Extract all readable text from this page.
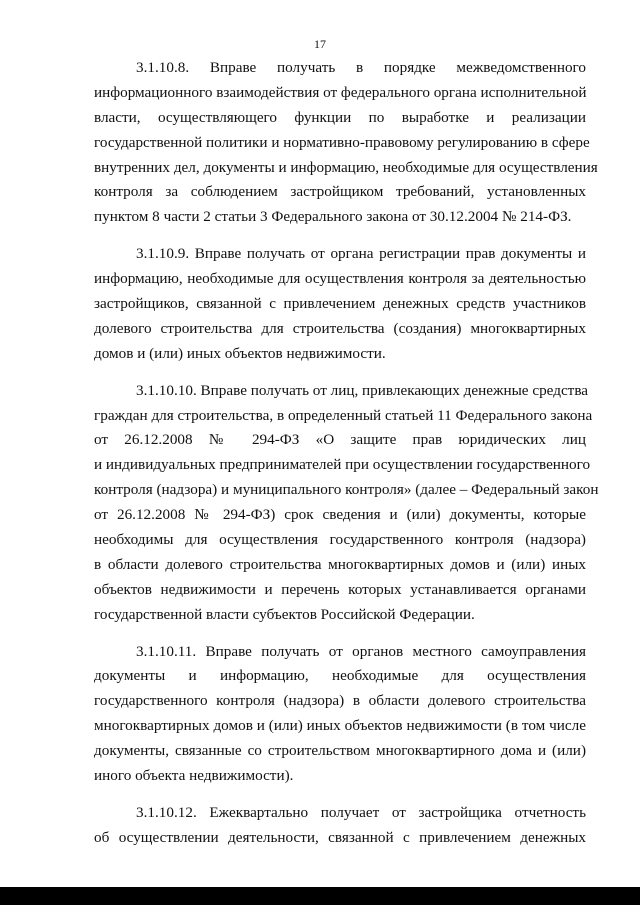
17
3.1.10.8. Вправе получать в порядке межведомственного
информационного взаимодействия от федерального органа исполнительной
власти, осуществляющего функции по выработке и реализации
государственной политики и нормативно-правовому регулированию в сфере
внутренних дел, документы и информацию, необходимые для осуществления
контроля за соблюдением застройщиком требований, установленных
пунктом 8 части 2 статьи 3 Федерального закона от 30.12.2004 № 214-ФЗ.
3.1.10.9. Вправе получать от органа регистрации прав документы и
информацию, необходимые для осуществления контроля за деятельностью
застройщиков, связанной с привлечением денежных средств участников
долевого строительства для строительства (создания) многоквартирных
домов и (или) иных объектов недвижимости.
3.1.10.10. Вправе получать от лиц, привлекающих денежные средства
граждан для строительства, в определенный статьей 11 Федерального закона
от 26.12.2008 № 294-ФЗ «О защите прав юридических лиц
и индивидуальных предпринимателей при осуществлении государственного
контроля (надзора) и муниципального контроля» (далее – Федеральный закон
от 26.12.2008 № 294-ФЗ) срок сведения и (или) документы, которые
необходимы для осуществления государственного контроля (надзора)
в области долевого строительства многоквартирных домов и (или) иных
объектов недвижимости и перечень которых устанавливается органами
государственной власти субъектов Российской Федерации.
3.1.10.11. Вправе получать от органов местного самоуправления
документы и информацию, необходимые для осуществления
государственного контроля (надзора) в области долевого строительства
многоквартирных домов и (или) иных объектов недвижимости (в том числе
документы, связанные со строительством многоквартирного дома и (или)
иного объекта недвижимости).
3.1.10.12. Ежеквартально получает от застройщика отчетность
об осуществлении деятельности, связанной с привлечением денежных
